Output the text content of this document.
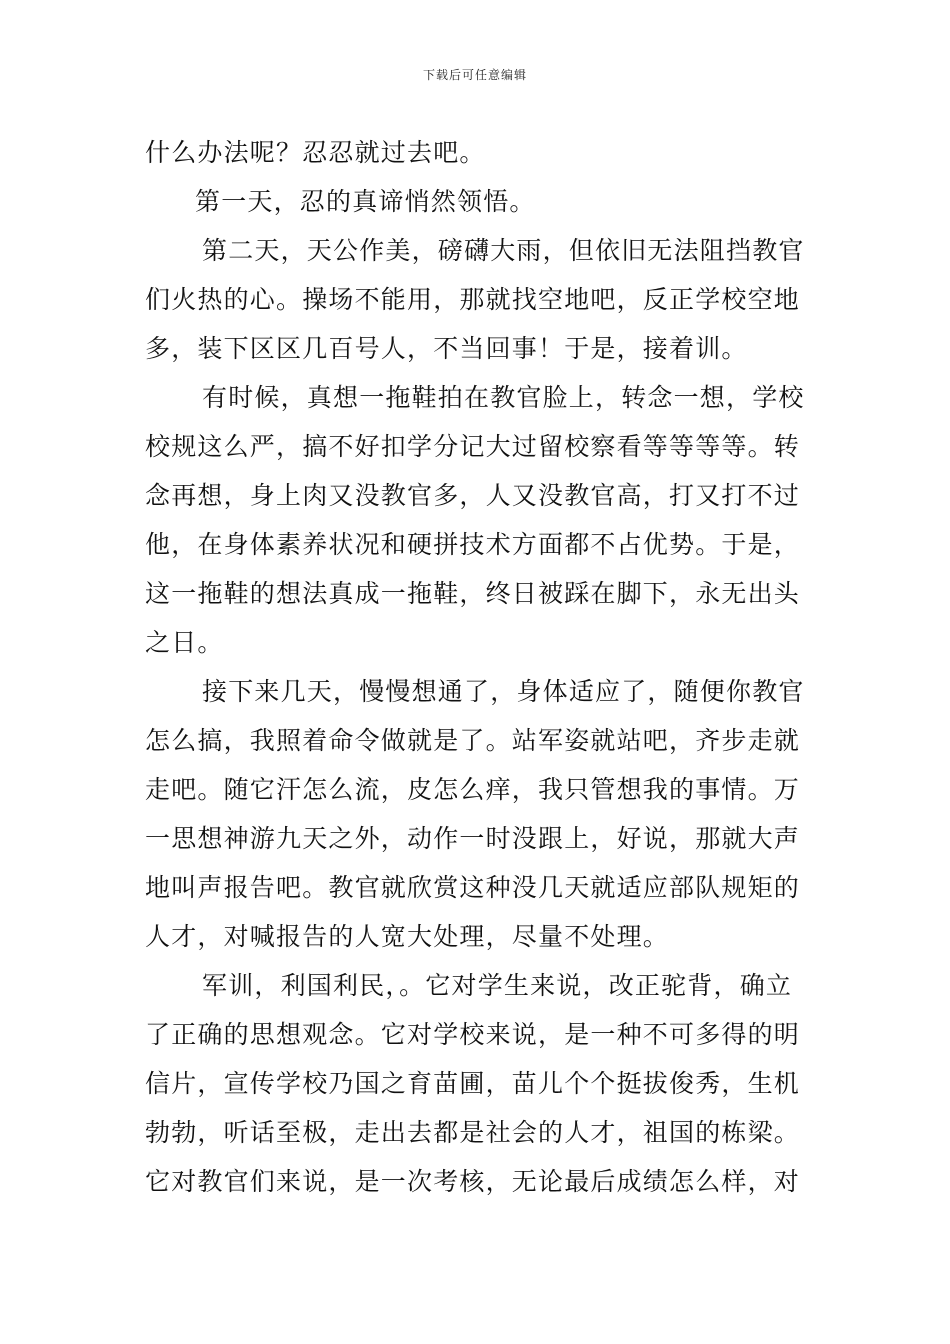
下载后可任意编辑
什么办法呢？忍忍就过去吧。
第一天，忍的真谛悄然领悟。
第二天，天公作美，磅礴大雨，但依旧无法阻挡教官
们火热的心。操场不能用，那就找空地吧，反正学校空地
多，装下区区几百号人，不当回事！于是，接着训。
有时候，真想一拖鞋拍在教官脸上，转念一想，学校
校规这么严，搞不好扣学分记大过留校察看等等等等。转
念再想，身上肉又没教官多，人又没教官高，打又打不过
他，在身体素养状况和硬拼技术方面都不占优势。于是，
这一拖鞋的想法真成一拖鞋，终日被踩在脚下，永无出头
之日。
接下来几天，慢慢想通了，身体适应了，随便你教官
怎么搞，我照着命令做就是了。站军姿就站吧，齐步走就
走吧。随它汗怎么流，皮怎么痒，我只管想我的事情。万
一思想神游九天之外，动作一时没跟上，好说，那就大声
地叫声报告吧。教官就欣赏这种没几天就适应部队规矩的
人才，对喊报告的人宽大处理，尽量不处理。
军训，利国利民，。它对学生来说，改正驼背，确立
了正确的思想观念。它对学校来说，是一种不可多得的明
信片，宣传学校乃国之育苗圃，苗儿个个挺拔俊秀，生机
勃勃，听话至极，走出去都是社会的人才，祖国的栋梁。
它对教官们来说，是一次考核，无论最后成绩怎么样，对
